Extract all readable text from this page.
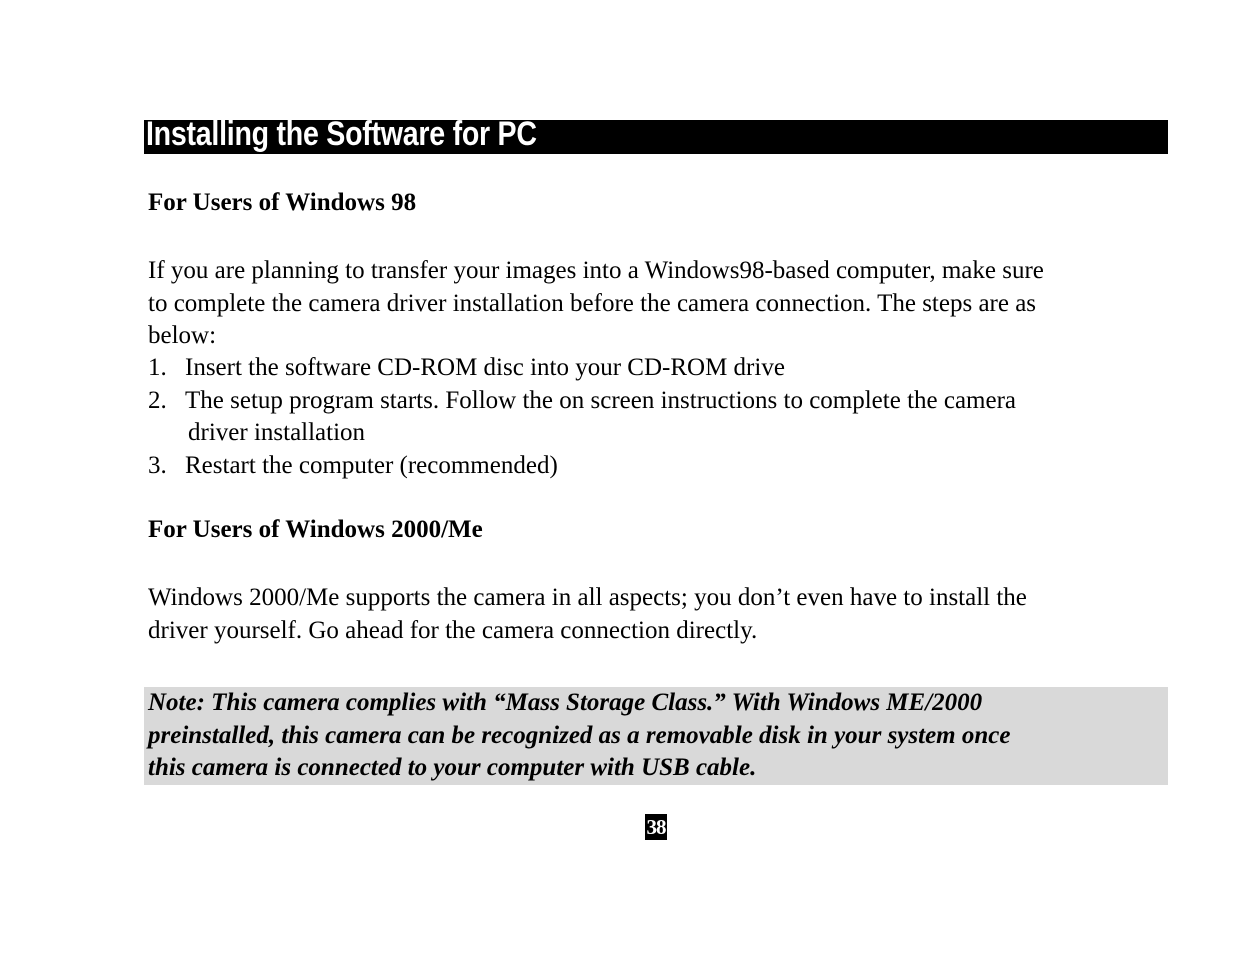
Installing the Software for PC
For Users of Windows 98
If you are planning to transfer your images into a Windows98-based computer, make sure
to complete the camera driver installation before the camera connection. The steps are as
below:
1. Insert the software CD-ROM disc into your CD-ROM drive
2. The setup program starts. Follow the on screen instructions to complete the camera
driver installation
3. Restart the computer (recommended)
For Users of Windows 2000/Me
Windows 2000/Me supports the camera in all aspects; you don’t even have to install the
driver yourself. Go ahead for the camera connection directly.
Note: This camera complies with “Mass Storage Class.” With Windows ME/2000
preinstalled, this camera can be recognized as a removable disk in your system once
this camera is connected to your computer with USB cable.
38
